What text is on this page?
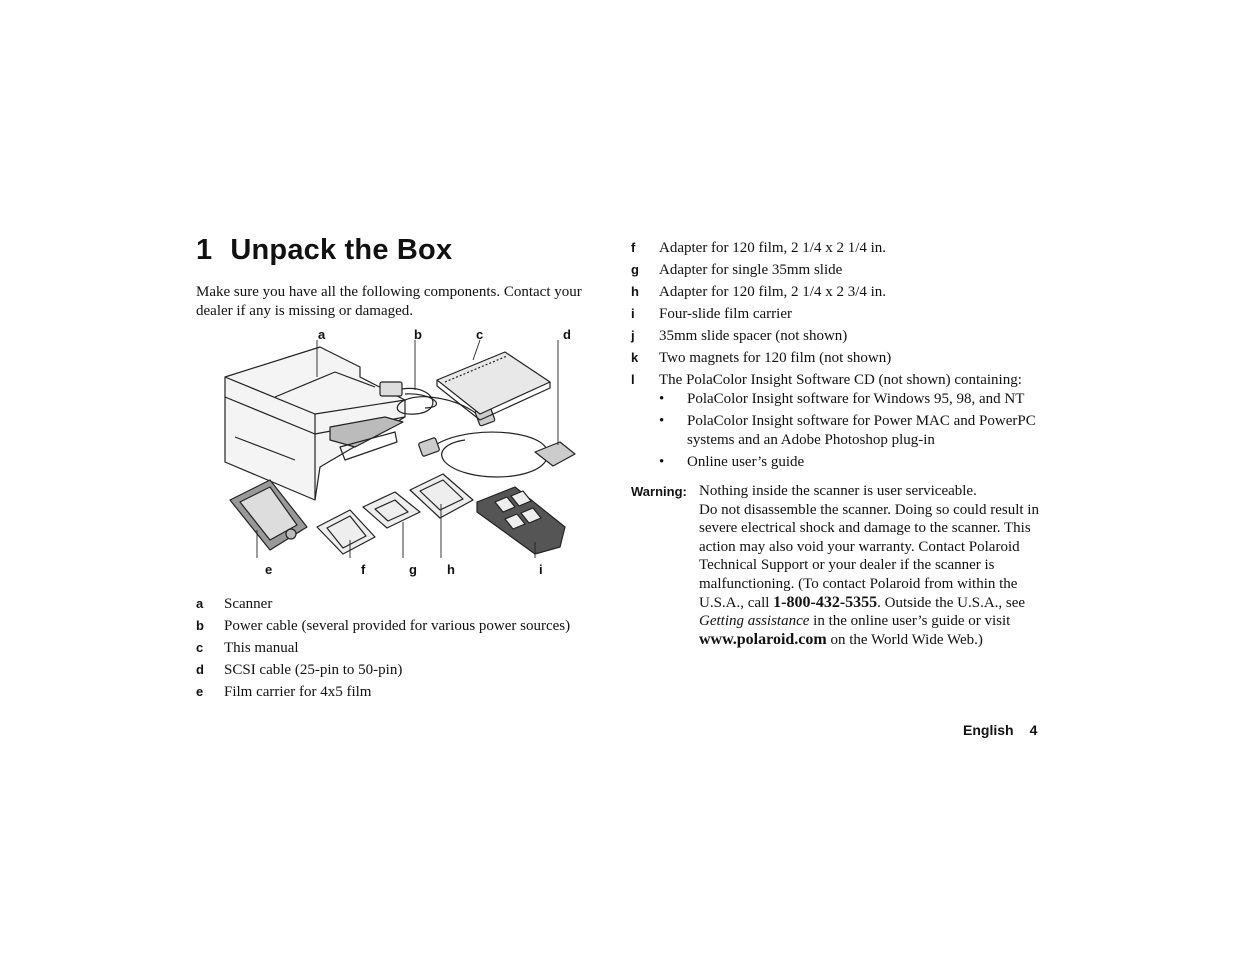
1 Unpack the Box

Make sure you have all the following components. Contact your dealer if any is missing or damaged.

a	b	c	d
e	f	g h	i
a	Scanner
b	Power cable (several provided for various power sources)
c	This manual
d	SCSI cable (25-pin to 50-pin)
e	Film carrier for 4x5 film
f	Adapter for 120 film, 2 1/4 x 2 1/4 in.
g	Adapter for single 35mm slide
h	Adapter for 120 film, 2 1/4 x 2 3/4 in.
i	Four-slide film carrier
j	35mm slide spacer (not shown)
k	Two magnets for 120 film (not shown)
l	The PolaColor Insight Software CD (not shown) containing:
•	PolaColor Insight software for Windows 95, 98, and NT
•	PolaColor Insight software for Power MAC and PowerPC systems and an Adobe Photoshop plug-in
•	Online user’s guide
Warning: Nothing inside the scanner is user serviceable.
Do not disassemble the scanner. Doing so could result in severe electrical shock and damage to the scanner. This action may also void your warranty. Contact Polaroid Technical Support or your dealer if the scanner is malfunctioning. (To contact Polaroid from within the U.S.A., call 1-800-432-5355. Outside the U.S.A., see Getting assistance in the online user’s guide or visit www.polaroid.com on the World Wide Web.)

English 4
